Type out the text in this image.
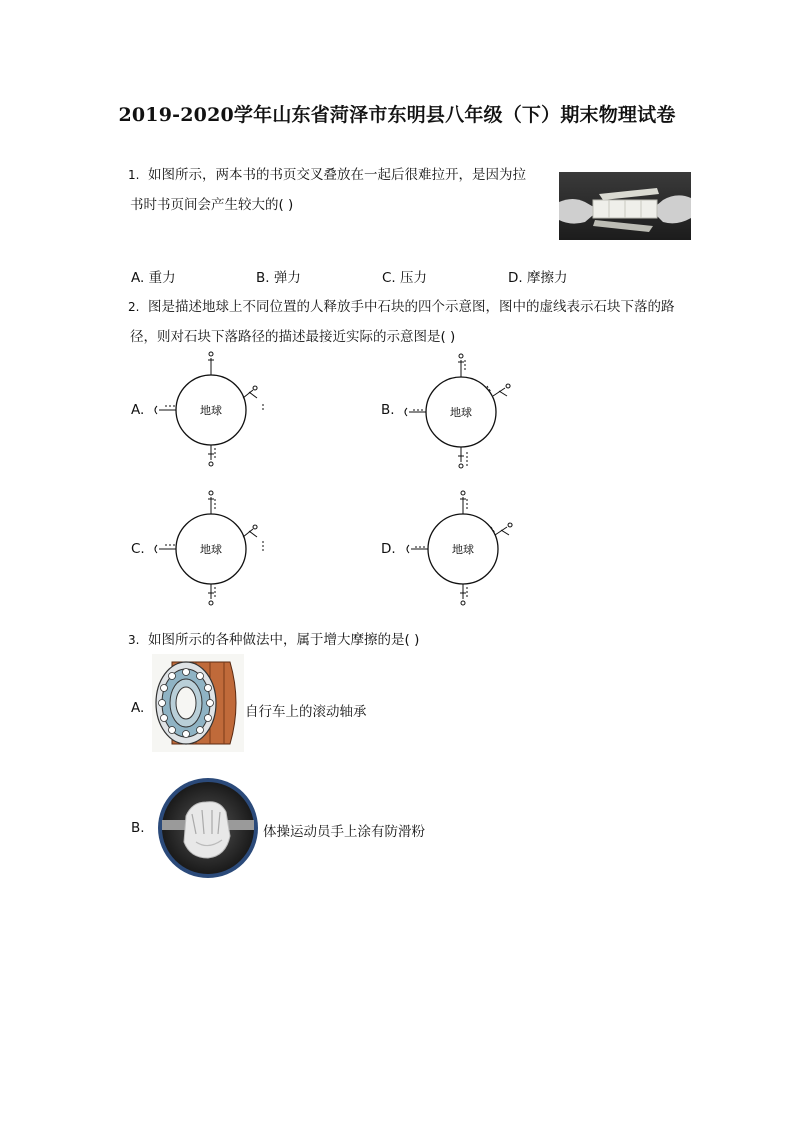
2019-2020学年山东省菏泽市东明县八年级（下）期末物理试卷
1. 如图所示，两本书的书页交叉叠放在一起后很难拉开，是因为拉
书时书页间会产生较大的( )
A. 重力	B. 弹力	C. 压力	D. 摩擦力
2. 图是描述地球上不同位置的人释放手中石块的四个示意图，图中的虚线表示石块下落的路
径，则对石块下落路径的描述最接近实际的示意图是( )
A.	B.
C.	D.
地球	地球
地球	地球
3. 如图所示的各种做法中，属于增大摩擦的是( )
A.	自行车上的滚动轴承
B.	体操运动员手上涂有防滑粉
